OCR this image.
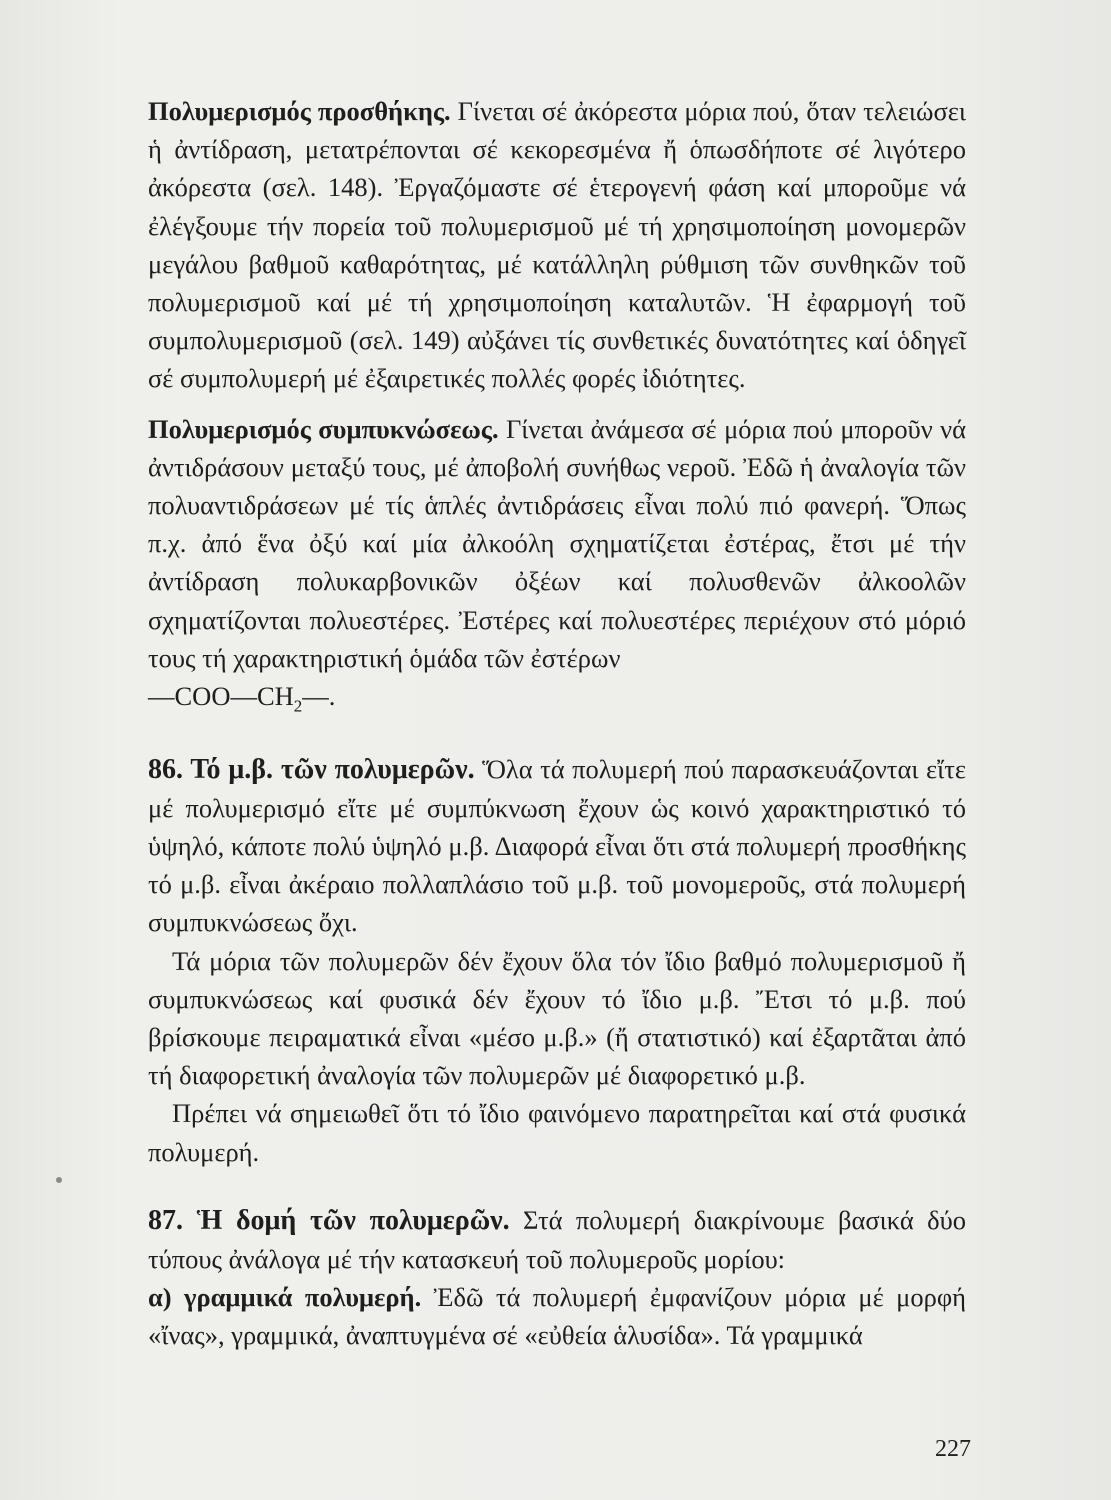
Πολυμερισμός προσθήκης. Γίνεται σέ ἀκόρεστα μόρια πού, ὅταν τελειώσει ἡ ἀντίδραση, μετατρέπονται σέ κεκορεσμένα ἤ ὁπωσδήποτε σέ λιγότερο ἀκόρεστα (σελ. 148). Ἐργαζόμαστε σέ ἑτερογενή φάση καί μποροῦμε νά ἐλέγξουμε τήν πορεία τοῦ πολυμερισμοῦ μέ τή χρησιμοποίηση μονομερῶν μεγάλου βαθμοῦ καθαρότητας, μέ κατάλληλη ρύθμιση τῶν συνθηκῶν τοῦ πολυμερισμοῦ καί μέ τή χρησιμοποίηση καταλυτῶν. Ἡ ἐφαρμογή τοῦ συμπολυμερισμοῦ (σελ. 149) αὐξάνει τίς συνθετικές δυνατότητες καί ὁδηγεῖ σέ συμπολυμερή μέ ἐξαιρετικές πολλές φορές ἰδιότητες.

Πολυμερισμός συμπυκνώσεως. Γίνεται ἀνάμεσα σέ μόρια πού μποροῦν νά ἀντιδράσουν μεταξύ τους, μέ ἀποβολή συνήθως νεροῦ. Ἐδῶ ἡ ἀναλογία τῶν πολυαντιδράσεων μέ τίς ἁπλές ἀντιδράσεις εἶναι πολύ πιό φανερή. Ὅπως π.χ. ἀπό ἕνα ὀξύ καί μία ἀλκοόλη σχηματίζεται ἐστέρας, ἔτσι μέ τήν ἀντίδραση πολυκαρβονικῶν ὀξέων καί πολυσθενῶν ἀλκοολῶν σχηματίζονται πολυεστέρες. Ἐστέρες καί πολυεστέρες περιέχουν στό μόριό τους τή χαρακτηριστική ὁμάδα τῶν ἐστέρων

$—COO—CH_2—$.

86. Τό μ.β. τῶν πολυμερῶν. Ὅλα τά πολυμερή πού παρασκευάζονται εἴτε μέ πολυμερισμό εἴτε μέ συμπύκνωση ἔχουν ὡς κοινό χαρακτηριστικό τό ὑψηλό, κάποτε πολύ ὑψηλό μ.β. Διαφορά εἶναι ὅτι στά πολυμερή προσθήκης τό μ.β. εἶναι ἀκέραιο πολλαπλάσιο τοῦ μ.β. τοῦ μονομεροῦς, στά πολυμερή συμπυκνώσεως ὄχι.

Τά μόρια τῶν πολυμερῶν δέν ἔχουν ὅλα τόν ἴδιο βαθμό πολυμερισμοῦ ἤ συμπυκνώσεως καί φυσικά δέν ἔχουν τό ἴδιο μ.β. Ἔτσι τό μ.β. πού βρίσκουμε πειραματικά εἶναι «μέσο μ.β.» (ἤ στατιστικό) καί ἐξαρτᾶται ἀπό τή διαφορετική ἀναλογία τῶν πολυμερῶν μέ διαφορετικό μ.β.

Πρέπει νά σημειωθεῖ ὅτι τό ἴδιο φαινόμενο παρατηρεῖται καί στά φυσικά πολυμερή.

87. Ἡ δομή τῶν πολυμερῶν. Στά πολυμερή διακρίνουμε βασικά δύο τύπους ἀνάλογα μέ τήν κατασκευή τοῦ πολυμεροῦς μορίου:

α) γραμμικά πολυμερή. Ἐδῶ τά πολυμερή ἐμφανίζουν μόρια μέ μορφή «ἴνας», γραμμικά, ἀναπτυγμένα σέ «εὐθεία ἁλυσίδα». Τά γραμμικά

227
